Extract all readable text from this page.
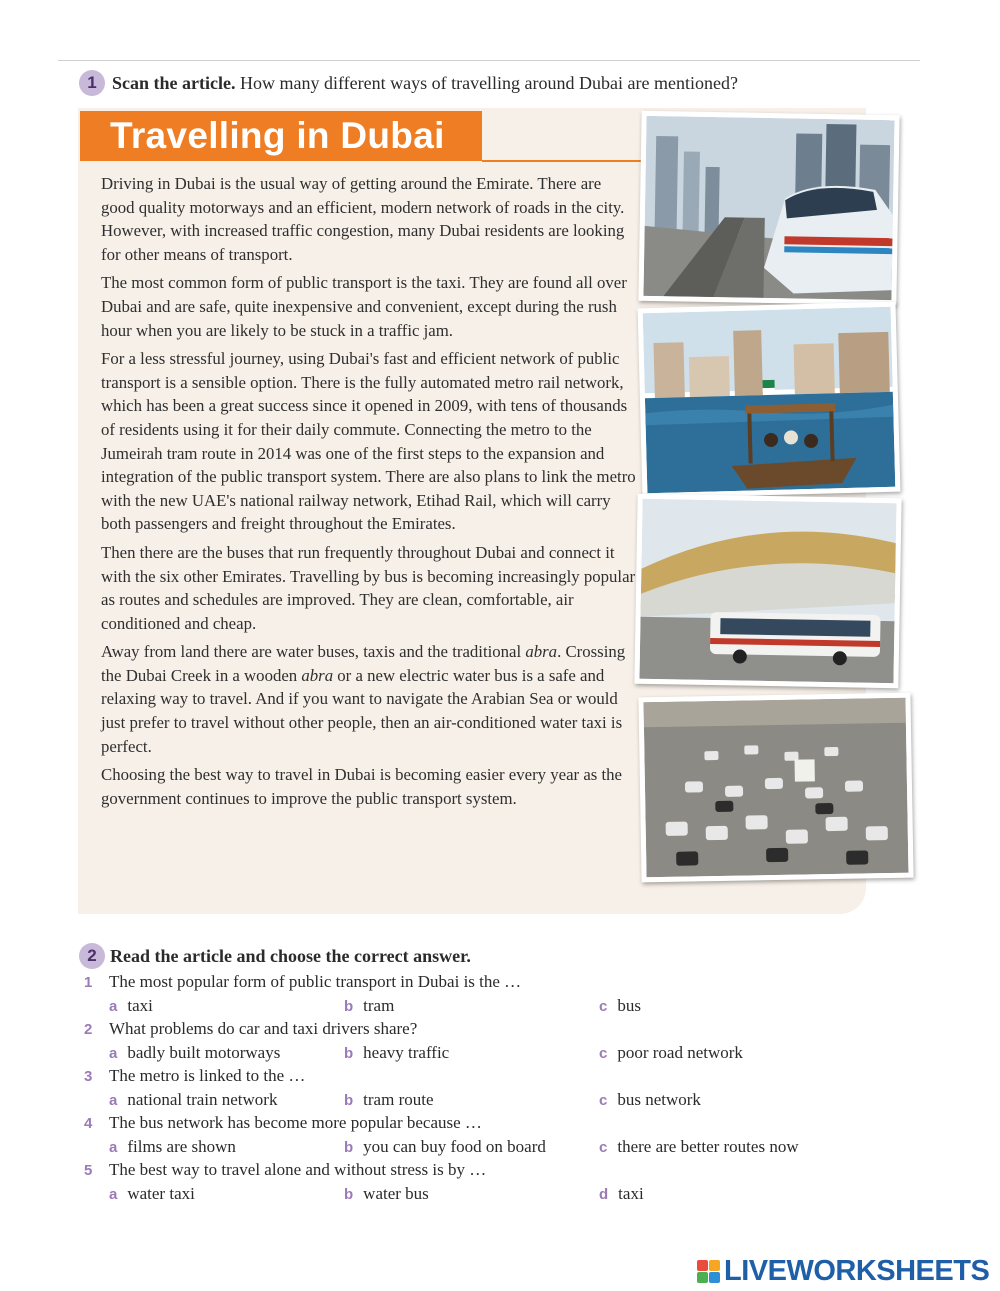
1 Scan the article. How many different ways of travelling around Dubai are mentioned?
Travelling in Dubai

Driving in Dubai is the usual way of getting around the Emirate. There are good quality motorways and an efficient, modern network of roads in the city. However, with increased traffic congestion, many Dubai residents are looking for other means of transport.

The most common form of public transport is the taxi. They are found all over Dubai and are safe, quite inexpensive and convenient, except during the rush hour when you are likely to be stuck in a traffic jam.

For a less stressful journey, using Dubai's fast and efficient network of public transport is a sensible option. There is the fully automated metro rail network, which has been a great success since it opened in 2009, with tens of thousands of residents using it for their daily commute. Connecting the metro to the Jumeirah tram route in 2014 was one of the first steps to the expansion and integration of the public transport system. There are also plans to link the metro with the new UAE's national railway network, Etihad Rail, which will carry both passengers and freight throughout the Emirates.

Then there are the buses that run frequently throughout Dubai and connect it with the six other Emirates. Travelling by bus is becoming increasingly popular as routes and schedules are improved. They are clean, comfortable, air conditioned and cheap.

Away from land there are water buses, taxis and the traditional abra. Crossing the Dubai Creek in a wooden abra or a new electric water bus is a safe and relaxing way to travel. And if you want to navigate the Arabian Sea or would just prefer to travel without other people, then an air-conditioned water taxi is perfect.

Choosing the best way to travel in Dubai is becoming easier every year as the government continues to improve the public transport system.

2 Read the article and choose the correct answer.
1 The most popular form of public transport in Dubai is the …
a taxi	b tram	c bus
2 What problems do car and taxi drivers share?
a badly built motorways	b heavy traffic	c poor road network
3 The metro is linked to the …
a national train network	b tram route	c bus network
4 The bus network has become more popular because …
a films are shown	b you can buy food on board	c there are better routes now
5 The best way to travel alone and without stress is by …
a water taxi	b water bus	d taxi
LIVEWORKSHEETS
